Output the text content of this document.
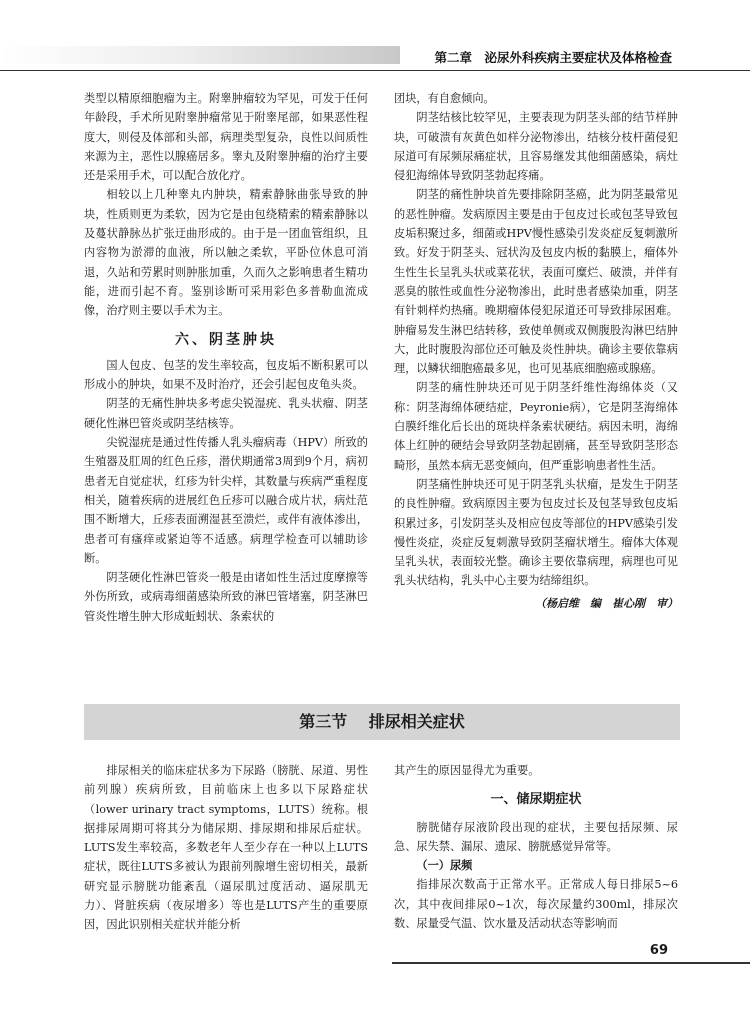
第二章　泌尿外科疾病主要症状及体格检查

类型以精原细胞瘤为主。附睾肿瘤较为罕见，可发于任何年龄段，手术所见附睾肿瘤常见于附睾尾部，如果恶性程度大，则侵及体部和头部，病理类型复杂，良性以间质性来源为主，恶性以腺癌居多。睾丸及附睾肿瘤的治疗主要还是采用手术，可以配合放化疗。

相较以上几种睾丸内肿块，精索静脉曲张导致的肿块，性质则更为柔软，因为它是由包绕精索的精索静脉以及蔓状静脉丛扩张迂曲形成的。由于是一团血管组织，且内容物为淤滞的血液，所以触之柔软，平卧位休息可消退，久站和劳累时则肿胀加重，久而久之影响患者生精功能，进而引起不育。鉴别诊断可采用彩色多普勒血流成像，治疗则主要以手术为主。

六、阴茎肿块

国人包皮、包茎的发生率较高，包皮垢不断积累可以形成小的肿块，如果不及时治疗，还会引起包皮龟头炎。

阴茎的无痛性肿块多考虑尖锐湿疣、乳头状瘤、阴茎硬化性淋巴管炎或阴茎结核等。

尖锐湿疣是通过性传播人乳头瘤病毒（HPV）所致的生殖器及肛周的红色丘疹，潜伏期通常3周到9个月，病初患者无自觉症状，红疹为针尖样，其数量与疾病严重程度相关，随着疾病的进展红色丘疹可以融合成片状，病灶范围不断增大，丘疹表面溯湿甚至溃烂，或伴有液体渗出，患者可有瘙痒或紧迫等不适感。病理学检查可以辅助诊断。

阴茎硬化性淋巴管炎一般是由诸如性生活过度摩擦等外伤所致，或病毒细菌感染所致的淋巴管堵塞，阴茎淋巴管炎性增生肿大形成蚯蚓状、条索状的

团块，有自愈倾向。

阴茎结核比较罕见，主要表现为阴茎头部的结节样肿块，可破溃有灰黄色如样分泌物渗出，结核分枝杆菌侵犯尿道可有尿频尿痛症状，且容易继发其他细菌感染，病灶侵犯海绵体导致阴茎勃起疼痛。

阴茎的痛性肿块首先要排除阴茎癌，此为阴茎最常见的恶性肿瘤。发病原因主要是由于包皮过长或包茎导致包皮垢积聚过多，细菌或HPV慢性感染引发炎症反复刺激所致。好发于阴茎头、冠状沟及包皮内板的黏膜上，瘤体外生性生长呈乳头状或菜花状，表面可糜烂、破溃，并伴有恶臭的脓性或血性分泌物渗出，此时患者感染加重，阴茎有针刺样灼热痛。晚期瘤体侵犯尿道还可导致排尿困难。肿瘤易发生淋巴结转移，致使单侧或双侧腹股沟淋巴结肿大，此时腹股沟部位还可触及炎性肿块。确诊主要依靠病理，以鳞状细胞癌最多见，也可见基底细胞癌或腺癌。

阴茎的痛性肿块还可见于阴茎纤维性海绵体炎（又称：阴茎海绵体硬结症，Peyronie病），它是阴茎海绵体白膜纤维化后长出的斑块样条索状硬结。病因未明，海绵体上红肿的硬结会导致阴茎勃起剧痛，甚至导致阴茎形态畸形，虽然本病无恶变倾向，但严重影响患者性生活。

阴茎痛性肿块还可见于阴茎乳头状瘤，是发生于阴茎的良性肿瘤。致病原因主要为包皮过长及包茎导致包皮垢积累过多，引发阴茎头及相应包皮等部位的HPV感染引发慢性炎症，炎症反复刺激导致阴茎瘤状增生。瘤体大体观呈乳头状，表面较光整。确诊主要依靠病理，病理也可见乳头状结构，乳头中心主要为结缔组织。

（杨启维　编　崔心刚　审）
第三节 排尿相关症状

排尿相关的临床症状多为下尿路（膀胱、尿道、男性前列腺）疾病所致，目前临床上也多以下尿路症状（lower urinary tract symptoms，LUTS）统称。根据排尿周期可将其分为储尿期、排尿期和排尿后症状。LUTS发生率较高，多数老年人至少存在一种以上LUTS症状，既往LUTS多被认为跟前列腺增生密切相关，最新研究显示膀胱功能紊乱（逼尿肌过度活动、逼尿肌无力）、肾脏疾病（夜尿增多）等也是LUTS产生的重要原因，因此识别相关症状并能分析

其产生的原因显得尤为重要。

一、储尿期症状

膀胱储存尿液阶段出现的症状，主要包括尿频、尿急、尿失禁、漏尿、遗尿、膀胱感觉异常等。

（一）尿频

指排尿次数高于正常水平。正常成人每日排尿5~6次，其中夜间排尿0~1次，每次尿量约300ml，排尿次数、尿量受气温、饮水量及活动状态等影响而

69
